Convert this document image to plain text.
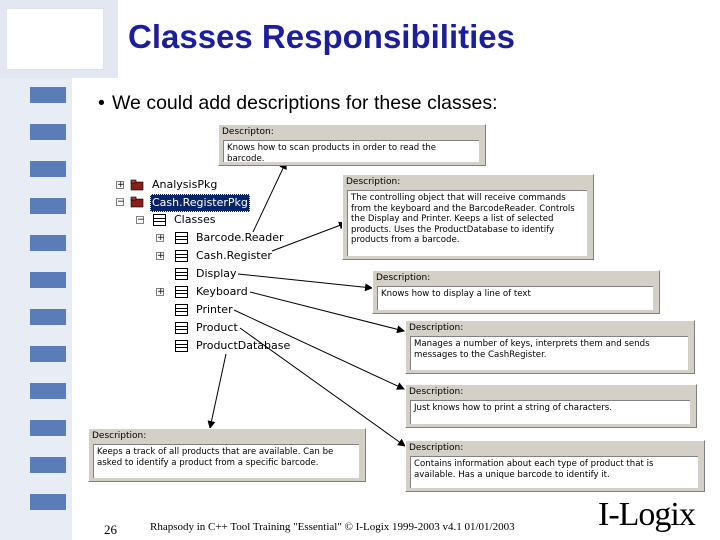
Classes Responsibilities
• We could add descriptions for these classes:
+ AnalysisPkg
− Cash.RegisterPkg
−	Classes
+	Barcode.Reader
+	Cash.Register
Display
+	Keyboard
Printer
Product
ProductDatabase
Descripton:
Knows how to scan products in order to read the barcode.
Description:
The controlling object that will receive commands from the keyboard and the BarcodeReader. Controls the Display and Printer. Keeps a list of selected products. Uses the ProductDatabase to identify products from a barcode.
Description:
Knows how to display a line of text
Description:
Manages a number of keys, interprets them and sends messages to the CashRegister.
Description:
Just knows how to print a string of characters.
Description:
Keeps a track of all products that are available. Can be asked to identify a product from a specific barcode.
Description:
Contains information about each type of product that is available. Has a unique barcode to identify it.
26	Rhapsody in C++ Tool Training "Essential" © I-Logix 1999-2003 v4.1 01/01/2003 I-Logix
